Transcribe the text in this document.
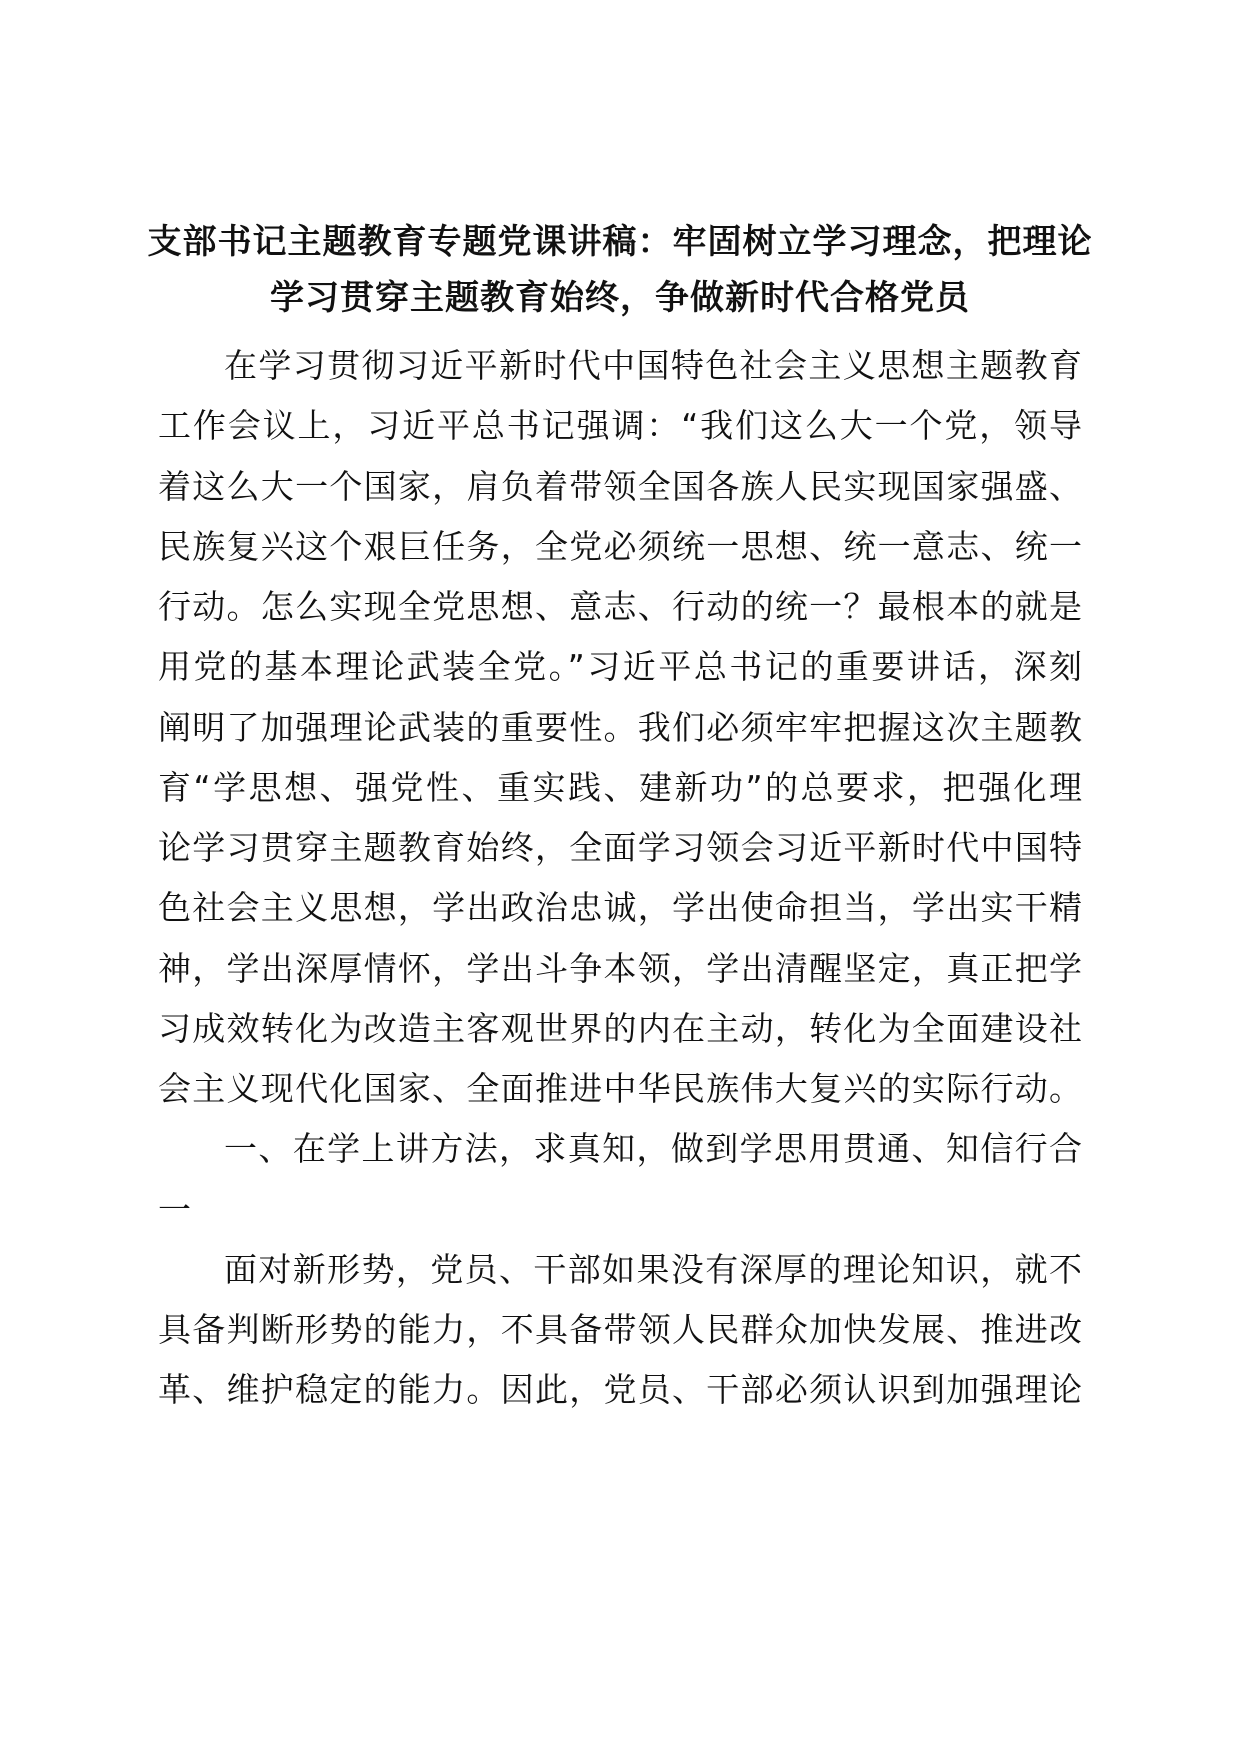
支部书记主题教育专题党课讲稿：牢固树立学习理念，把理论
学习贯穿主题教育始终，争做新时代合格党员
在学习贯彻习近平新时代中国特色社会主义思想主题教育
工作会议上，习近平总书记强调：“我们这么大一个党，领导
着这么大一个国家，肩负着带领全国各族人民实现国家强盛、
民族复兴这个艰巨任务，全党必须统一思想、统一意志、统一
行动。怎么实现全党思想、意志、行动的统一？最根本的就是
用党的基本理论武装全党。”习近平总书记的重要讲话，深刻
阐明了加强理论武装的重要性。我们必须牢牢把握这次主题教
育“学思想、强党性、重实践、建新功”的总要求，把强化理
论学习贯穿主题教育始终，全面学习领会习近平新时代中国特
色社会主义思想，学出政治忠诚，学出使命担当，学出实干精
神，学出深厚情怀，学出斗争本领，学出清醒坚定，真正把学
习成效转化为改造主客观世界的内在主动，转化为全面建设社
会主义现代化国家、全面推进中华民族伟大复兴的实际行动。
一、在学上讲方法，求真知，做到学思用贯通、知信行合
一
面对新形势，党员、干部如果没有深厚的理论知识，就不
具备判断形势的能力，不具备带领人民群众加快发展、推进改
革、维护稳定的能力。因此，党员、干部必须认识到加强理论
